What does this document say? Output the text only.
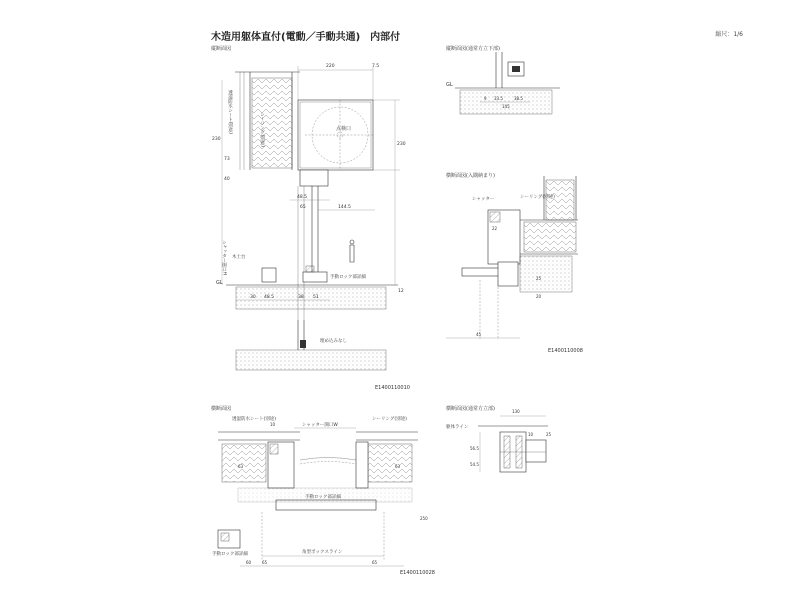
木造用躯体直付(電動／手動共通)　内部付	縮尺：1/6
縦断面図	縦断面図(通常方立下部)
横断面図(入隅納まり)
横断面図	横断面図(通常方立部)
E1400110010
E1400110008
E1400110028
点検口
220	7.5
230
230
73
40
シャッター開口H
透湿防水シート(別途)	シーリング(別途)
48.5
65	144.5
手動ロック部詳細
木土台
GL
30 48.5	38 51
12
埋め込みなし
GL
33.5	38.5
145
9
シャッター	シーリング(別途)
45
22
25
20
透湿防水シート(別途)	シーリング(別途)
シャッター開口W
手動ロック部詳細	角型ボックスライン
60	65	65
63	63
10
250
躯体ライン
130
56.5
54.5
10	25
